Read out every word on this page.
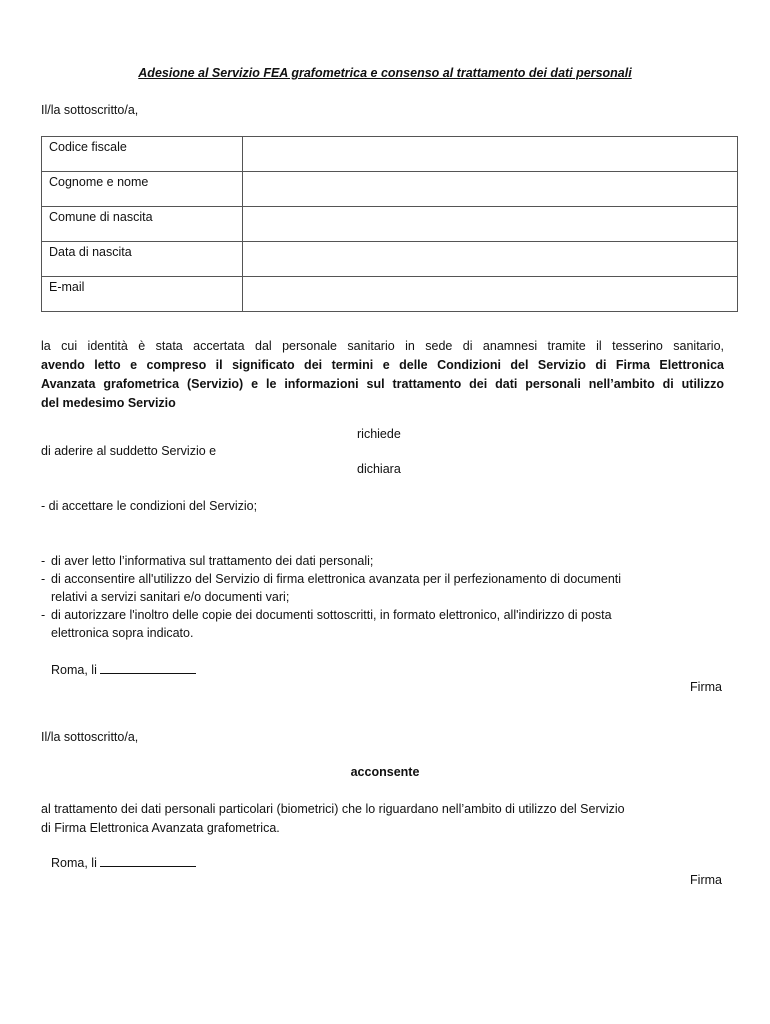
Adesione al Servizio FEA grafometrica e consenso al trattamento dei dati personali
Il/la sottoscritto/a,
Codice fiscale	
Cognome e nome	
Comune di nascita	
Data di nascita	
E-mail	
la cui identità è stata accertata dal personale sanitario in sede di anamnesi tramite il tesserino sanitario,
avendo letto e compreso il significato dei termini e delle Condizioni del Servizio di Firma Elettronica
Avanzata grafometrica (Servizio) e le informazioni sul trattamento dei dati personali nell’ambito di utilizzo
del medesimo Servizio
richiede
di aderire al suddetto Servizio e
dichiara
- di accettare le condizioni del Servizio;
- di aver letto l’informativa sul trattamento dei dati personali;
- di acconsentire all'utilizzo del Servizio di firma elettronica avanzata per il perfezionamento di documenti
relativi a servizi sanitari e/o documenti vari;
- di autorizzare l'inoltro delle copie dei documenti sottoscritti, in formato elettronico, all'indirizzo di posta
elettronica sopra indicato.
Roma, li
Firma
Il/la sottoscritto/a,
acconsente
al trattamento dei dati personali particolari (biometrici) che lo riguardano nell’ambito di utilizzo del Servizio
di Firma Elettronica Avanzata grafometrica.
Roma, li
Firma
